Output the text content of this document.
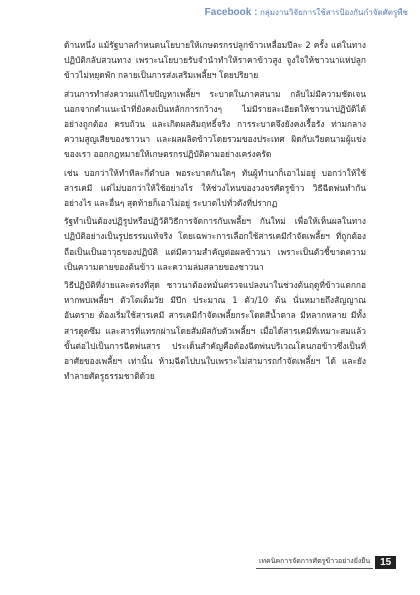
Facebook : กลุ่มงานวิจัยการใช้สารป้องกันกำจัดศัตรูพืช

ด้านหนึ่ง แม้รัฐบาลกำหนดนโยบายให้เกษตรกรปลูกข้าวเหลื่อมปีละ 2 ครั้ง แต่ในทางปฏิบัติกลับสวนทาง เพราะนโยบายรับจำนำทำให้ราคาข้าวสูง จูงใจให้ชาวนาแห่ปลูกข้าวไม่หยุดพัก กลายเป็นการส่งเสริมเพลี้ยฯ โดยปริยาย

ส่วนการทำส่งความแก้ไขปัญหาเพลี้ยฯ ระบาดในภาคสนาม กลับไม่มีความชัดเจน นอกจากคำแนะนำที่ยังคงเป็นหลักการกว้างๆ ไม่มีรายละเอียดให้ชาวนาปฏิบัติได้อย่างถูกต้อง ครบถ้วน และเกิดผลสัมฤทธิ์จริง การระบาดจึงยังคงเรื้อรัง ท่ามกลางความสูญเสียของชาวนา และผลผลิตข้าวโดยรวมของประเทศ ผิดกับเวียดนามผู้แข่งของเรา ออกกฎหมายให้เกษตรกรปฏิบัติตามอย่างเคร่งครัด

เช่น บอกว่าให้ทำทีละกี่ตำบล พอระบาดกันใดๆ ทันผู้ทำนาก็เอาไม่อยู่ บอกว่าให้ใช้สารเคมี แต่ไม่บอกว่าให้ใช้อย่างไร ให้ช่วงไหนของวงจรศัตรูข้าว วิธีฉีดพ่นทำกันอย่างไร และอื่นๆ สุดท้ายก็เอาไม่อยู่ ระบาดไปทั่วดังที่ปรากฏ

รัฐทำเป็นต้องปฏิรูปหรือปฏิวัติวิธีการจัดการกับเพลี้ยฯ กันใหม่ เพื่อให้เห็นผลในทางปฏิบัติอย่างเป็นรูปธรรมแท้จริง โดยเฉพาะการเลือกใช้สารเคมีกำจัดเพลี้ยฯ ที่ถูกต้อง ถือเป็นเป็นอาวุธของปฏิบัติ แต่มีความสำคัญต่อผลข้าวนา เพราะเป็นตัวชี้ขาดความเป็นความตายของต้นข้าว และความล่มสลายของชาวนา

วิธีปฏิบัติที่ง่ายและตรงที่สุด ชาวนาต้องหมั่นตรวจแปลงนาในช่วงต้นฤดูที่ข้าวแตกกอ หากพบเพลี้ยฯ ตัวโตเต็มวัย มีปีก ประมาณ 1 ตัว/10 ต้น นั่นหมายถึงสัญญาณอันตราย ต้องเริ่มใช้สารเคมี สารเคมีกำจัดเพลี้ยกระโดดสีน้ำตาล มีหลากหลาย มีทั้งสารดูดซึม และสารที่แทรกผ่านโดยสัมผัสกับตัวเพลี้ยฯ เมื่อได้สารเคมีที่เหมาะสมแล้ว ขั้นต่อไปเป็นการฉีดพ่นสาร ประเด็นสำคัญคือต้องฉีดพ่นบริเวณโคนกอข้าวซึ่งเป็นที่อาศัยของเพลี้ยฯ เท่านั้น ห้ามฉีดไปบนใบเพราะไม่สามารถกำจัดเพลี้ยฯ ได้ และยังทำลายศัตรูธรรมชาติด้วย

เทคนิคการจัดการศัตรูข้าวอย่างยั่งยืน	15
